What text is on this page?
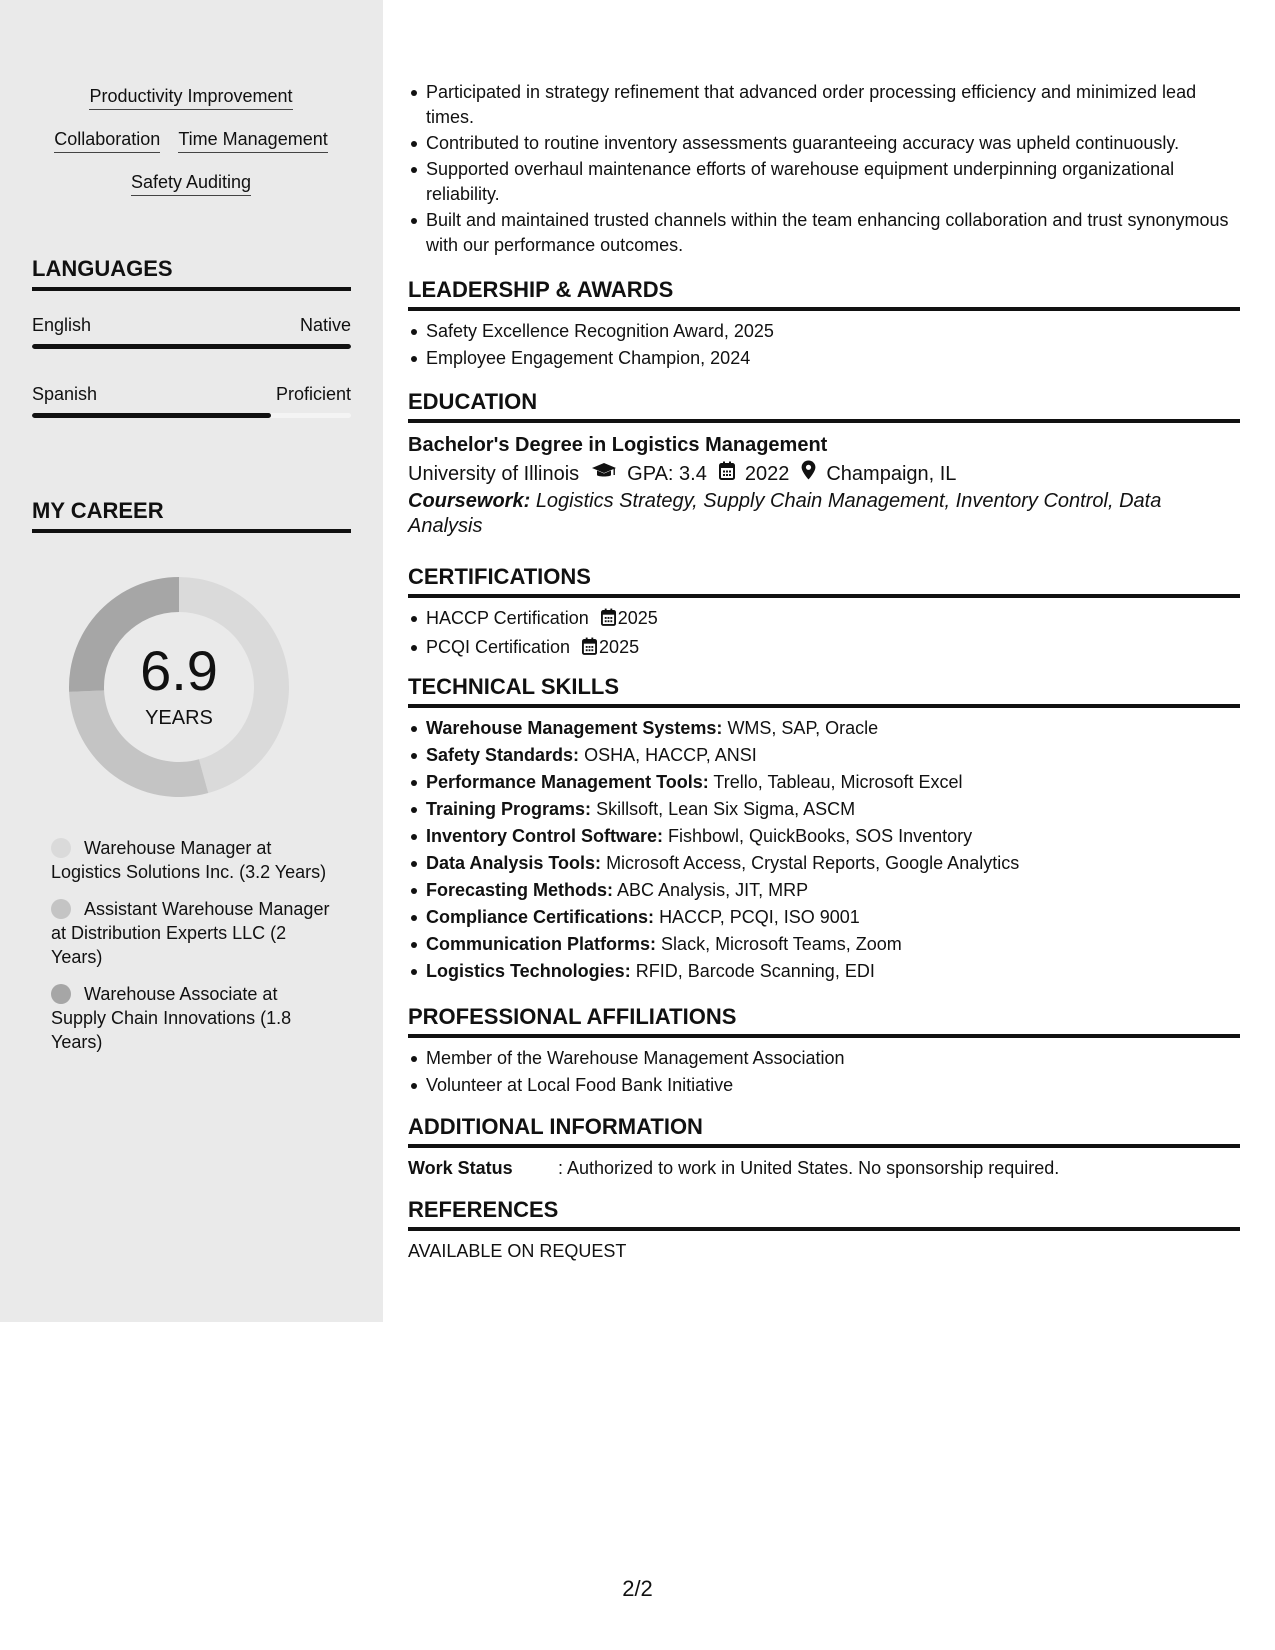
Productivity Improvement
Collaboration Time Management
Safety Auditing
LANGUAGES
English	Native
Spanish	Proficient
MY CAREER
6.9
YEARS
Warehouse Manager at Logistics Solutions Inc. (3.2 Years)
Assistant Warehouse Manager at Distribution Experts LLC (2 Years)
Warehouse Associate at Supply Chain Innovations (1.8 Years)
Participated in strategy refinement that advanced order processing efficiency and minimized lead times.
Contributed to routine inventory assessments guaranteeing accuracy was upheld continuously.
Supported overhaul maintenance efforts of warehouse equipment underpinning organizational reliability.
Built and maintained trusted channels within the team enhancing collaboration and trust synonymous with our performance outcomes.
LEADERSHIP & AWARDS
Safety Excellence Recognition Award, 2025
Employee Engagement Champion, 2024
EDUCATION
Bachelor's Degree in Logistics Management
University of Illinois GPA: 3.4 2022 Champaign, IL
Coursework: Logistics Strategy, Supply Chain Management, Inventory Control, Data Analysis
CERTIFICATIONS
HACCP Certification 2025
PCQI Certification 2025
TECHNICAL SKILLS
Warehouse Management Systems: WMS, SAP, Oracle
Safety Standards: OSHA, HACCP, ANSI
Performance Management Tools: Trello, Tableau, Microsoft Excel
Training Programs: Skillsoft, Lean Six Sigma, ASCM
Inventory Control Software: Fishbowl, QuickBooks, SOS Inventory
Data Analysis Tools: Microsoft Access, Crystal Reports, Google Analytics
Forecasting Methods: ABC Analysis, JIT, MRP
Compliance Certifications: HACCP, PCQI, ISO 9001
Communication Platforms: Slack, Microsoft Teams, Zoom
Logistics Technologies: RFID, Barcode Scanning, EDI
PROFESSIONAL AFFILIATIONS
Member of the Warehouse Management Association
Volunteer at Local Food Bank Initiative
ADDITIONAL INFORMATION
Work Status	: Authorized to work in United States. No sponsorship required.
REFERENCES
AVAILABLE ON REQUEST
2/2
